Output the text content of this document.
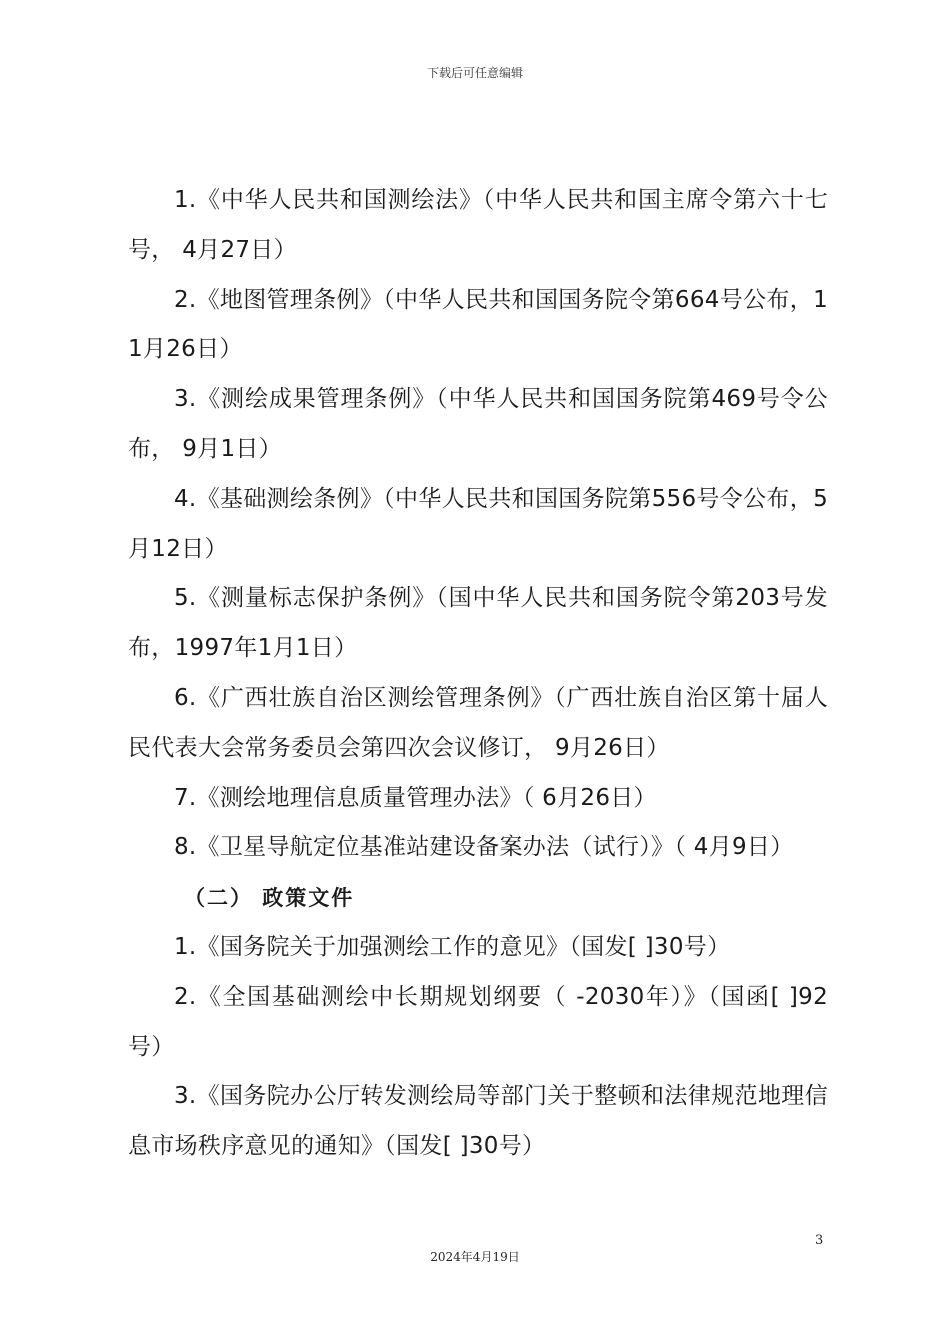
下载后可任意编辑

1.《中华人民共和国测绘法》（中华人民共和国主席令第六十七号， 4月27日）

2.《地图管理条例》（中华人民共和国国务院令第664号公布，11月26日）

3.《测绘成果管理条例》（中华人民共和国国务院第469号令公布， 9月1日）

4.《基础测绘条例》（中华人民共和国国务院第556号令公布，5月12日）

5.《测量标志保护条例》（国中华人民共和国务院令第203号发布，1997年1月1日）

6.《广西壮族自治区测绘管理条例》（广西壮族自治区第十届人民代表大会常务委员会第四次会议修订， 9月26日）

7.《测绘地理信息质量管理办法》（ 6月26日）

8.《卫星导航定位基准站建设备案办法（试行）》（ 4月9日）

（二） 政策文件

1.《国务院关于加强测绘工作的意见》（国发[ ]30号）

2.《全国基础测绘中长期规划纲要（ -2030年）》（国函[ ]92号）

3.《国务院办公厅转发测绘局等部门关于整顿和法律规范地理信息市场秩序意见的通知》（国发[ ]30号）

3
2024年4月19日
